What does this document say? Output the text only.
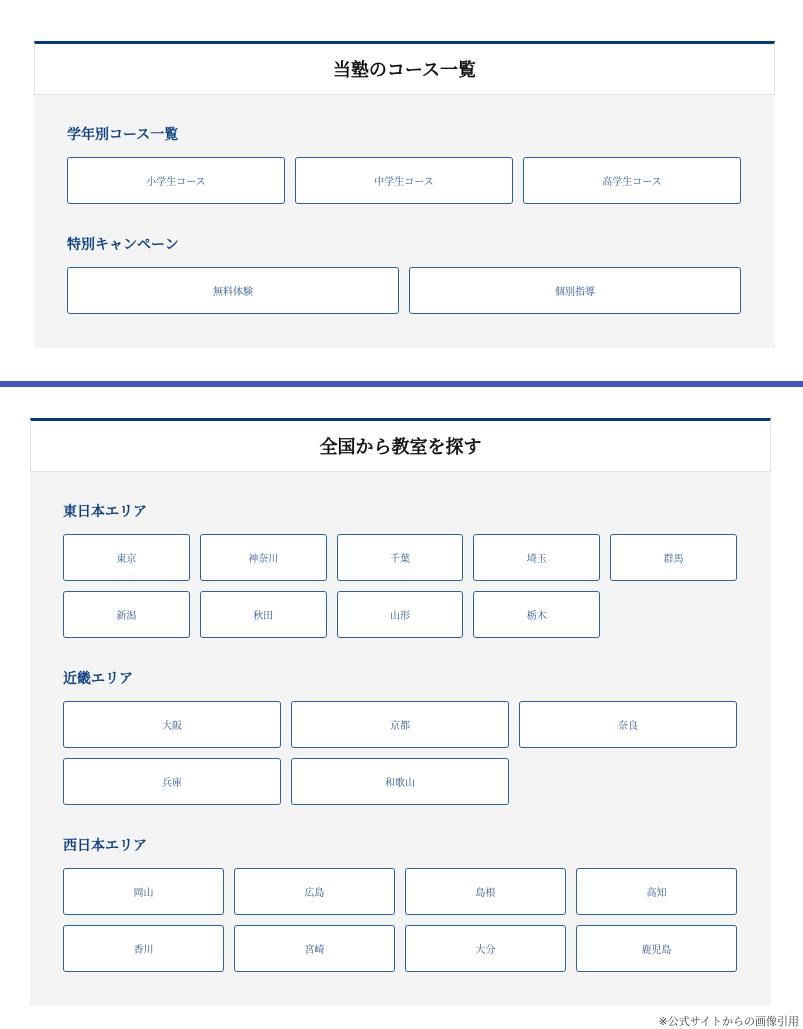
当塾のコース一覧
学年別コース一覧
小学生コース	中学生コース	高学生コース
特別キャンペーン
無料体験	個別指導
全国から教室を探す
東日本エリア
東京	神奈川	千葉	埼玉	群馬
新潟	秋田	山形	栃木
近畿エリア
大阪	京都	奈良
兵庫	和歌山
西日本エリア
岡山	広島	島根	高知
香川	宮崎	大分	鹿児島
※公式サイトからの画像引用
